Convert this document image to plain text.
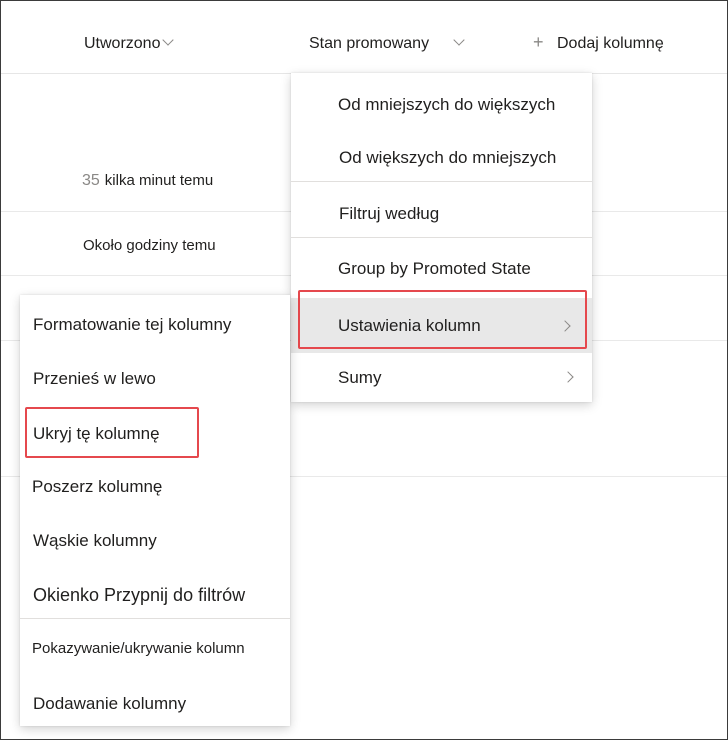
Utworzono	Stan promowany	+ Dodaj kolumnę
35 kilka minut temu
Około godziny temu
Od mniejszych do większych
Od większych do mniejszych
Filtruj według
Group by Promoted State
Ustawienia kolumn
Sumy
Formatowanie tej kolumny
Przenieś w lewo
Ukryj tę kolumnę
Poszerz kolumnę
Wąskie kolumny
Okienko Przypnij do filtrów
Pokazywanie/ukrywanie kolumn
Dodawanie kolumny
